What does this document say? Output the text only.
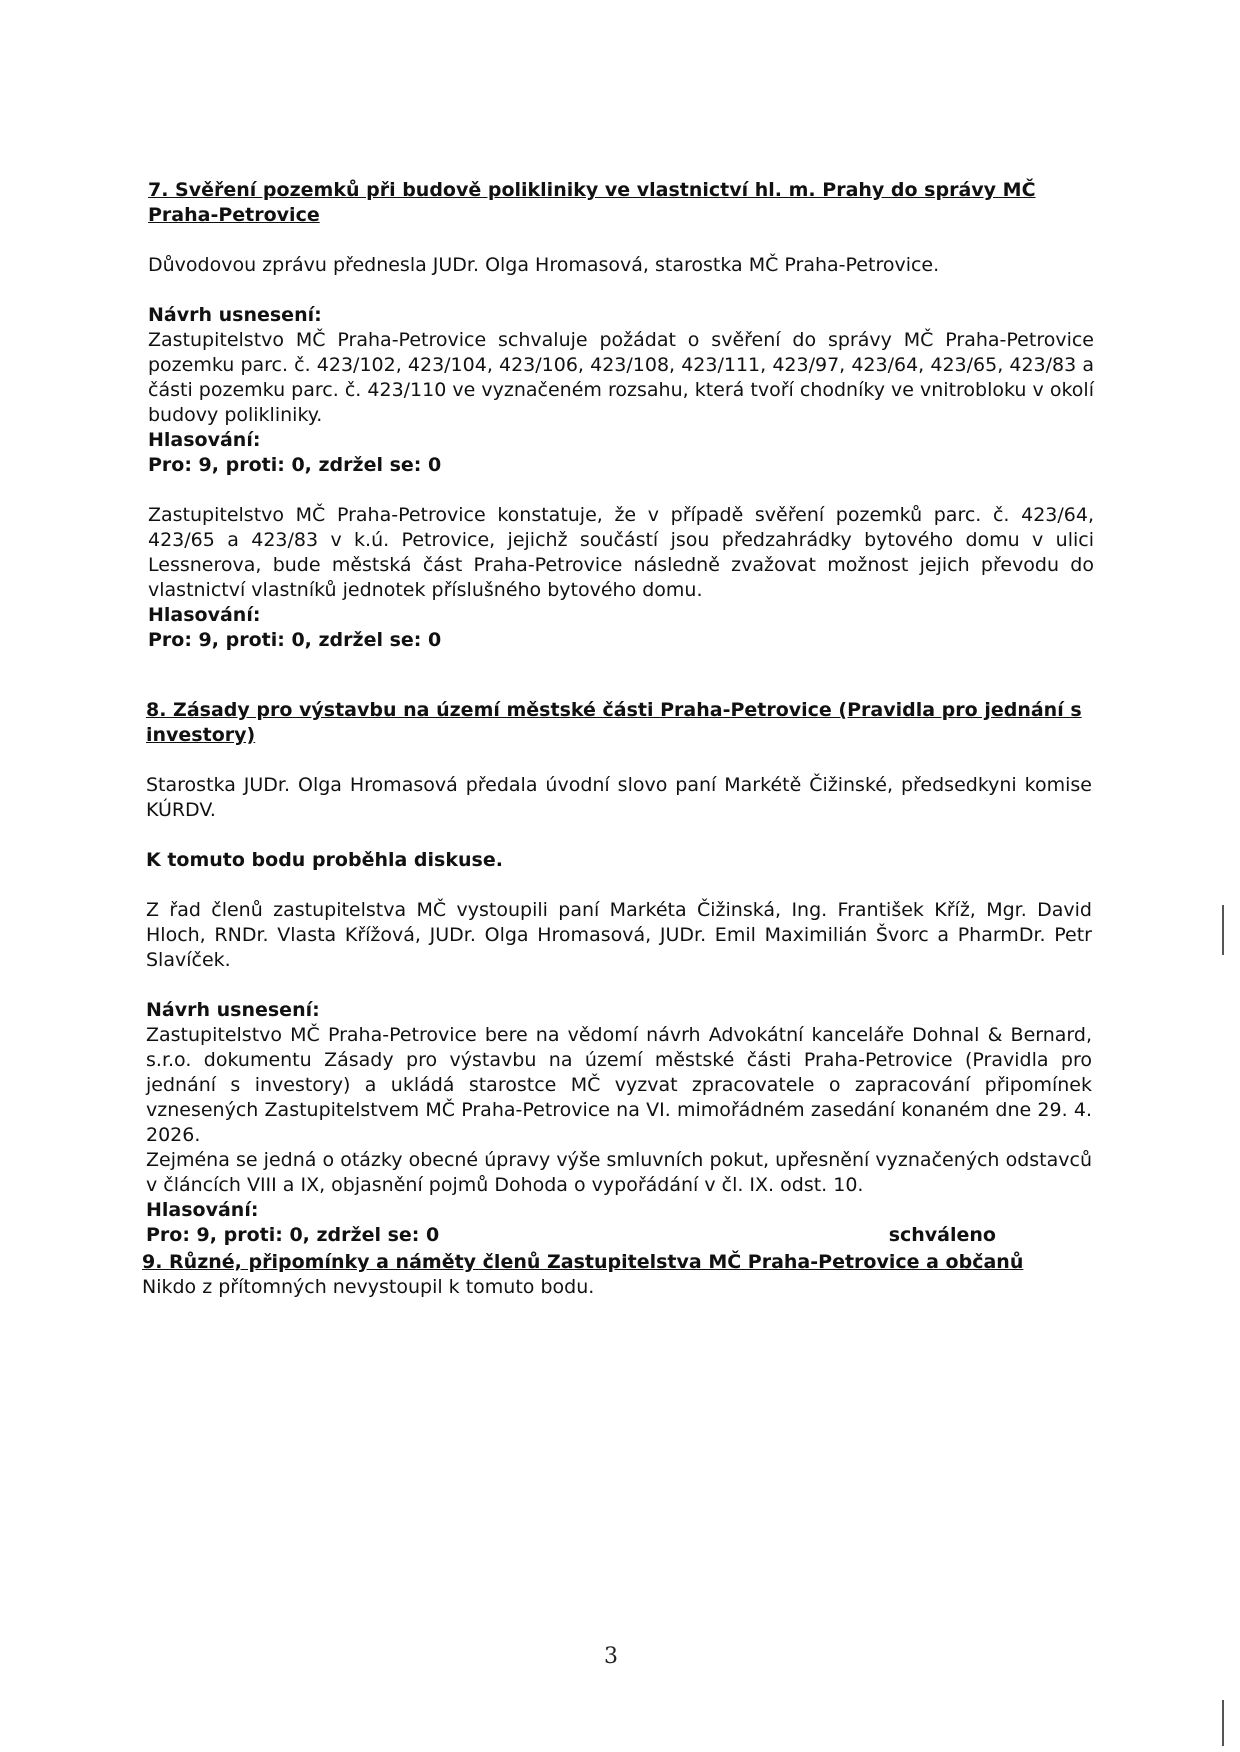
7. Svěření pozemků při budově polikliniky ve vlastnictví hl. m. Prahy do správy MČ Praha-Petrovice

Důvodovou zprávu přednesla JUDr. Olga Hromasová, starostka MČ Praha-Petrovice.

Návrh usnesení:

Zastupitelstvo MČ Praha-Petrovice schvaluje požádat o svěření do správy MČ Praha-Petrovice pozemku parc. č. 423/102, 423/104, 423/106, 423/108, 423/111, 423/97, 423/64, 423/65, 423/83 a části pozemku parc. č. 423/110 ve vyznačeném rozsahu, která tvoří chodníky ve vnitrobloku v okolí budovy polikliniky.

Hlasování:

Pro: 9, proti: 0, zdržel se: 0

Zastupitelstvo MČ Praha-Petrovice konstatuje, že v případě svěření pozemků parc. č. 423/64, 423/65 a 423/83 v k.ú. Petrovice, jejichž součástí jsou předzahrádky bytového domu v ulici Lessnerova, bude městská část Praha-Petrovice následně zvažovat možnost jejich převodu do vlastnictví vlastníků jednotek příslušného bytového domu.

Hlasování:

Pro: 9, proti: 0, zdržel se: 0

8. Zásady pro výstavbu na území městské části Praha-Petrovice (Pravidla pro jednání s investory)

Starostka JUDr. Olga Hromasová předala úvodní slovo paní Markétě Čižinské, předsedkyni komise KÚRDV.

K tomuto bodu proběhla diskuse.

Z řad členů zastupitelstva MČ vystoupili paní Markéta Čižinská, Ing. František Kříž, Mgr. David Hloch, RNDr. Vlasta Křížová, JUDr. Olga Hromasová, JUDr. Emil Maximilián Švorc a PharmDr. Petr Slavíček.

Návrh usnesení:

Zastupitelstvo MČ Praha-Petrovice bere na vědomí návrh Advokátní kanceláře Dohnal & Bernard, s.r.o. dokumentu Zásady pro výstavbu na území městské části Praha-Petrovice (Pravidla pro jednání s investory) a ukládá starostce MČ vyzvat zpracovatele o zapracování připomínek vznesených Zastupitelstvem MČ Praha-Petrovice na VI. mimořádném zasedání konaném dne 29. 4. 2026.

Zejména se jedná o otázky obecné úpravy výše smluvních pokut, upřesnění vyznačených odstavců v článcích VIII a IX, objasnění pojmů Dohoda o vypořádání v čl. IX. odst. 10.

Hlasování:

Pro: 9, proti: 0, zdržel se: 0	schváleno

9. Různé, připomínky a náměty členů Zastupitelstva MČ Praha-Petrovice a občanů

Nikdo z přítomných nevystoupil k tomuto bodu.

3
